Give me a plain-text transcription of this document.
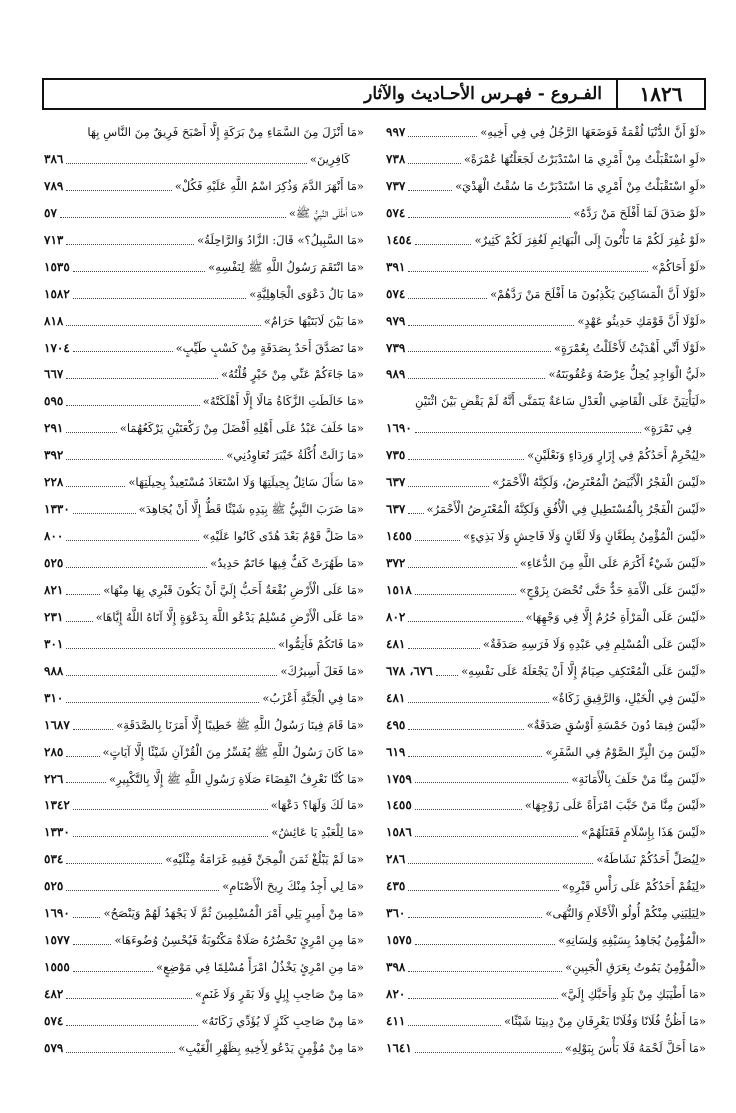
١٨٢٦
الفـروع - فهـرس الأحـاديث والآثار
«لَوْ أَنَّ الدُّنْيَا لُقْمَةٌ فَوَضَعَهَا الرَّجُلُ فِي فِي أَخِيهِ»
٩٩٧
«لَوِ اسْتَقْبَلْتُ مِنْ أَمْرِي مَا اسْتَدْبَرْتُ لَجَعَلْتُهَا عُمْرَةً»
٧٣٨
«لَوِ اسْتَقْبَلْتُ مِنْ أَمْرِي مَا اسْتَدْبَرْتُ مَا سُقْتُ الْهَدْيَ»
٧٣٧
«لَوْ صَدَقَ لَمَا أَفْلَحَ مَنْ رَدَّهُ»
٥٧٤
«لَوْ غُفِرَ لَكُمْ مَا تَأْتُونَ إِلَى الْبَهَائِمِ لَغُفِرَ لَكُمْ كَثِيرٌ»
١٤٥٤
«لَوْ أَحَاكُمْ»
٣٩١
«لَوْلَا أَنَّ الْمَسَاكِينَ يَكْذِبُونَ مَا أَفْلَحَ مَنْ رَدَّهُمْ»
٥٧٤
«لَوْلَا أَنَّ قَوْمَكِ حَدِيثُو عَهْدٍ»
٩٧٩
«لَوْلَا أَنِّي أَهْدَيْتُ لَأَحْلَلْتُ بِعُمْرَةٍ»
٧٣٩
«لَيُّ الْوَاجِدِ يُحِلُّ عِرْضَهُ وَعُقُوبَتَهُ»
٩٨٩
«لَيَأْتِيَنَّ عَلَى الْقَاضِي الْعَدْلِ سَاعَةٌ يَتَمَنَّى أَنَّهُ لَمْ يَقْضِ بَيْنَ اثْنَيْنِ
فِي تَمْرَةٍ»
١٦٩٠
«لِيُحْرِمْ أَحَدُكُمْ فِي إِزَارٍ وَرِدَاءٍ وَنَعْلَيْنِ»
٧٣٥
«لَيْسَ الْفَجْرُ الْأَبْيَضُ الْمُعْتَرِضُ، وَلَكِنَّهُ الْأَحْمَرُ»
٦٣٧
«لَيْسَ الْفَجْرُ بِالْمُسْتَطِيلِ فِي الْأُفُقِ وَلَكِنَّهُ الْمُعْتَرِضُ الْأَحْمَرُ»
٦٣٧
«لَيْسَ الْمُؤْمِنُ بِطَعَّانٍ وَلَا لَعَّانٍ وَلَا فَاحِشٍ وَلَا بَذِيءٍ»
١٤٥٥
«لَيْسَ شَيْءٌ أَكْرَمَ عَلَى اللَّهِ مِنَ الدُّعَاءِ»
٣٧٢
«لَيْسَ عَلَى الْأَمَةِ حَدٌّ حَتَّى تُحْصَنَ بِزَوْجٍ»
١٥١٨
«لَيْسَ عَلَى الْمَرْأَةِ حُرُمٌ إِلَّا فِي وَجْهِهَا»
٨٠٢
«لَيْسَ عَلَى الْمُسْلِمِ فِي عَبْدِهِ وَلَا فَرَسِهِ صَدَقَةٌ»
٤٨١
«لَيْسَ عَلَى الْمُعْتَكِفِ صِيَامٌ إِلَّا أَنْ يَجْعَلَهُ عَلَى نَفْسِهِ»
٦٧٦، ٦٧٨
«لَيْسَ فِي الْخَيْلِ، وَالرَّقِيقِ زَكَاةٌ»
٤٨١
«لَيْسَ فِيمَا دُونَ خَمْسَةِ أَوْسُقٍ صَدَقَةٌ»
٤٩٥
«لَيْسَ مِنَ الْبِرِّ الصَّوْمُ فِي السَّفَرِ»
٦١٩
«لَيْسَ مِنَّا مَنْ حَلَفَ بِالْأَمَانَةِ»
١٧٥٩
«لَيْسَ مِنَّا مَنْ خَبَّبَ امْرَأَةً عَلَى زَوْجِهَا»
١٤٥٥
«لَيْسَ هَذَا بِإِسْلَامٍ فَقَتَلَهُمْ»
١٥٨٦
«لِيُصَلِّ أَحَدُكُمْ نَشَاطَهُ»
٢٨٦
«لِيَقُمْ أَحَدُكُمْ عَلَى رَأْسِ قَبْرِهِ»
٤٣٥
«لِيَلِيَنِي مِنْكُمْ أُولُو الْأَحْلَامِ وَالنُّهَى»
٣٦٠
«الْمُؤْمِنُ يُجَاهِدُ بِسَيْفِهِ وَلِسَانِهِ»
١٥٧٥
«الْمُؤْمِنُ يَمُوتُ بِعَرَقِ الْجَبِينِ»
٣٩٨
«مَا أَطْيَبَكِ مِنْ بَلَدٍ وَأَحَبَّكِ إِلَيَّ»
٨٢٠
«مَا أَظُنُّ فُلَانًا وَفُلَانًا يَعْرِفَانِ مِنْ دِينِنَا شَيْئًا»
٤١١
«مَا أَحَلَّ لَحْمَهُ فَلَا بَأْسَ بِبَوْلِهِ»
١٦٤١
«مَا أَنْزَلَ مِنَ السَّمَاءِ مِنْ بَرَكَةٍ إِلَّا أَصْبَحَ فَرِيقٌ مِنَ النَّاسِ بِهَا
كَافِرِينَ»
٣٨٦
«مَا أَنْهَرَ الدَّمَ وَذُكِرَ اسْمُ اللَّهِ عَلَيْهِ فَكُلْ»
٧٨٩
«مَا أَطْلَى النَّبِيُّ ﷺ»
٥٧
«مَا السَّبِيلُ؟» قَالَ: الزَّادُ وَالرَّاحِلَةُ»
٧١٣
«مَا انْتَقَمَ رَسُولُ اللَّهِ ﷺ لِنَفْسِهِ»
١٥٣٥
«مَا بَالُ دَعْوَى الْجَاهِلِيَّةِ»
١٥٨٢
«مَا بَيْنَ لَابَتَيْهَا حَرَامٌ»
٨١٨
«مَا تَصَدَّقَ أَحَدٌ بِصَدَقَةٍ مِنْ كَسْبٍ طَيِّبٍ»
١٧٠٤
«مَا جَاءَكُمْ عَنِّي مِنْ خَيْرٍ قُلْتُهُ»
٦٦٧
«مَا خَالَطَتِ الزَّكَاةُ مَالًا إِلَّا أَهْلَكَتْهُ»
٥٩٥
«مَا خَلَفَ عَبْدٌ عَلَى أَهْلِهِ أَفْضَلَ مِنْ رَكْعَتَيْنِ يَرْكَعُهُمَا»
٢٩١
«مَا زَالَتْ أُكْلَةُ خَيْبَرَ تُعَاوِدُنِي»
٣٩٢
«مَا سَأَلَ سَائِلٌ بِحِيلَتِهَا وَلَا اسْتَعَاذَ مُسْتَعِيذٌ بِحِيلَتِهَا»
٢٢٨
«مَا ضَرَبَ النَّبِيُّ ﷺ بِيَدِهِ شَيْئًا قَطُّ إِلَّا أَنْ يُجَاهِدَ»
١٣٣٠
«مَا ضَلَّ قَوْمٌ بَعْدَ هُدًى كَانُوا عَلَيْهِ»
٨٠٠
«مَا طَهُرَتْ كَفٌّ فِيهَا خَاتَمٌ حَدِيدٌ»
٥٢٥
«مَا عَلَى الْأَرْضِ بُقْعَةٌ أَحَبُّ إِلَيَّ أَنْ يَكُونَ قَبْرِي بِهَا مِنْهَا»
٨٢١
«مَا عَلَى الْأَرْضِ مُسْلِمٌ يَدْعُو اللَّهَ بِدَعْوَةٍ إِلَّا آتَاهُ اللَّهُ إِيَّاهَا»
٢٣١
«مَا فَاتَكُمْ فَأَتِمُّوا»
٣٠١
«مَا فَعَلَ أَسِيرُكَ»
٩٨٨
«مَا فِي الْجَنَّةِ أَعْزَبُ»
٣١٠
«مَا قَامَ فِينَا رَسُولُ اللَّهِ ﷺ خَطِيبًا إِلَّا أَمَرَنَا بِالصَّدَقَةِ»
١٦٨٧
«مَا كَانَ رَسُولُ اللَّهِ ﷺ يُفَسِّرُ مِنَ الْقُرْآنِ شَيْئًا إِلَّا آيَاتٍ»
٢٨٥
«مَا كُنَّا نَعْرِفُ انْقِضَاءَ صَلَاةِ رَسُولِ اللَّهِ ﷺ إِلَّا بِالتَّكْبِيرِ»
٢٢٦
«مَا لَكَ وَلَهَا؟ دَعْهَا»
١٣٤٢
«مَا لِلْعَبْدِ يَا عَائِشُ»
١٣٣٠
«مَا لَمْ يَبْلُغْ ثَمَنَ الْمِجَنِّ فَفِيهِ غَرَامَةُ مِثْلَيْهِ»
٥٣٤
«مَا لِي أَجِدُ مِنْكَ رِيحَ الْأَصْنَامِ»
٥٢٥
«مَا مِنْ أَمِيرٍ يَلِي أَمْرَ الْمُسْلِمِينَ ثُمَّ لَا يَجْهَدُ لَهُمْ وَيَنْصَحُ»
١٦٩٠
«مَا مِنِ امْرِئٍ تَحْضُرُهُ صَلَاةٌ مَكْتُوبَةٌ فَيُحْسِنُ وُضُوءَهَا»
١٥٧٧
«مَا مِنِ امْرِئٍ يَخْذُلُ امْرَأً مُسْلِمًا فِي مَوْضِعٍ»
١٥٥٥
«مَا مِنْ صَاحِبِ إِبِلٍ وَلَا بَقَرٍ وَلَا غَنَمٍ»
٤٨٢
«مَا مِنْ صَاحِبِ كَنْزٍ لَا يُؤَدِّي زَكَاتَهُ»
٥٧٤
«مَا مِنْ مُؤْمِنٍ يَدْعُو لِأَخِيهِ بِظَهْرِ الْغَيْبِ»
٥٧٩
